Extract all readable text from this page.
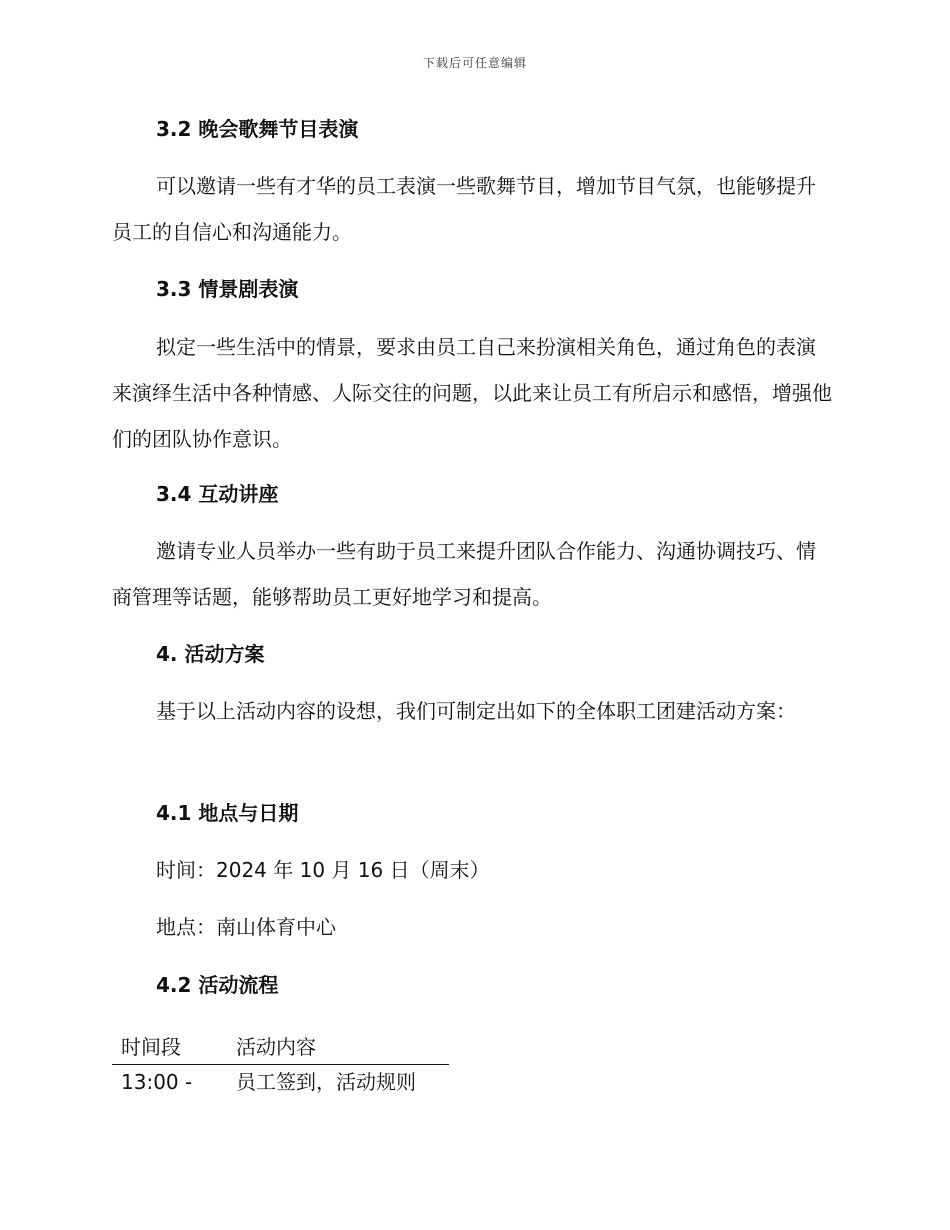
下载后可任意编辑
3.2 晚会歌舞节目表演

可以邀请一些有才华的员工表演一些歌舞节目，增加节目气氛，也能够提升员工的自信心和沟通能力。

3.3 情景剧表演

拟定一些生活中的情景，要求由员工自己来扮演相关角色，通过角色的表演来演绎生活中各种情感、人际交往的问题，以此来让员工有所启示和感悟，增强他们的团队协作意识。

3.4 互动讲座

邀请专业人员举办一些有助于员工来提升团队合作能力、沟通协调技巧、情商管理等话题，能够帮助员工更好地学习和提高。

4. 活动方案

基于以上活动内容的设想，我们可制定出如下的全体职工团建活动方案：

4.1 地点与日期
时间：2024 年 10 月 16 日（周末）
地点：南山体育中心
4.2 活动流程
时间段	活动内容
13:00 -	员工签到，活动规则
